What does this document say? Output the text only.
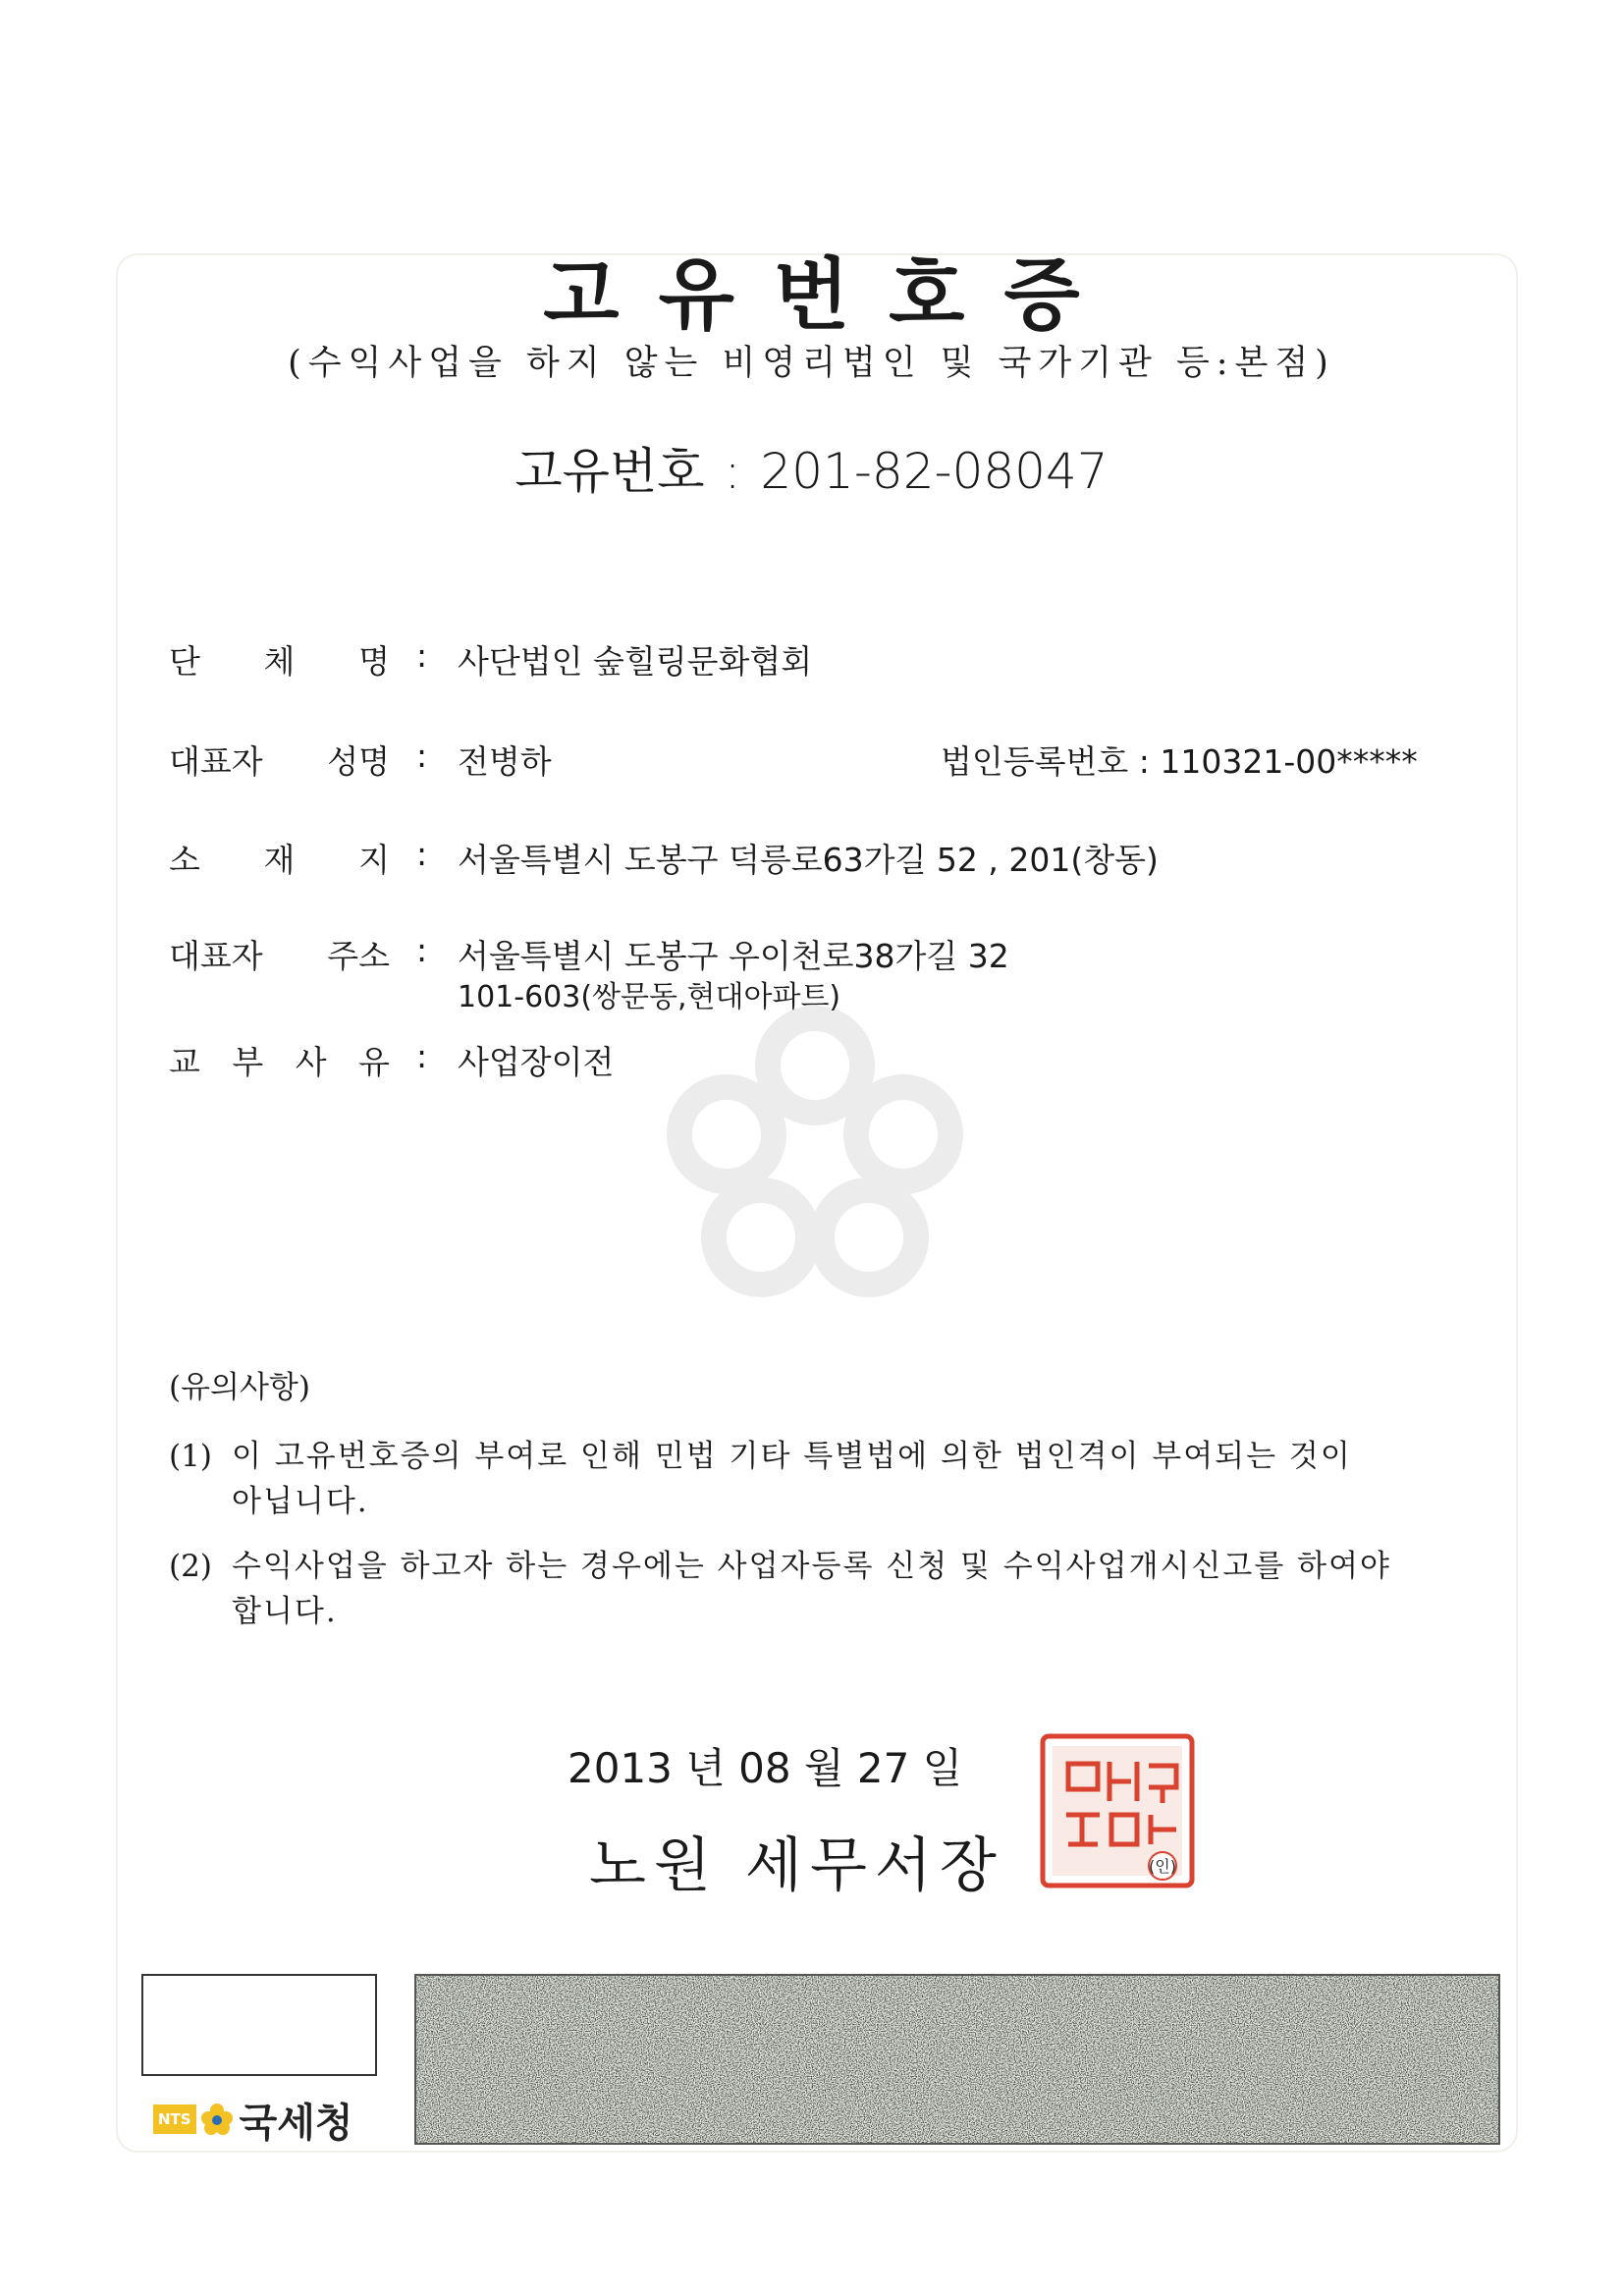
고유번호증
(수익사업을 하지 않는 비영리법인 및 국가기관 등:본점)
고유번호 : 201-82-08047
단 체 명 : 사단법인 숲힐링문화협회
대표자 성명 : 전병하	법인등록번호 : 110321-00*****
소 재 지 : 서울특별시 도봉구 덕릉로63가길 52 , 201(창동)
대표자 주소 : 서울특별시 도봉구 우이천로38가길 32
101-603(쌍문동,현대아파트)
교 부 사 유 : 사업장이전
(유의사항)
(1) 이 고유번호증의 부여로 인해 민법 기타 특별법에 의한 법인격이 부여되는 것이
아닙니다.
(2) 수익사업을 하고자 하는 경우에는 사업자등록 신청 및 수익사업개시신고를 하여야
합니다.
2013 년 08 월 27 일
노원 세무서장	(인)
NTS 국세청
